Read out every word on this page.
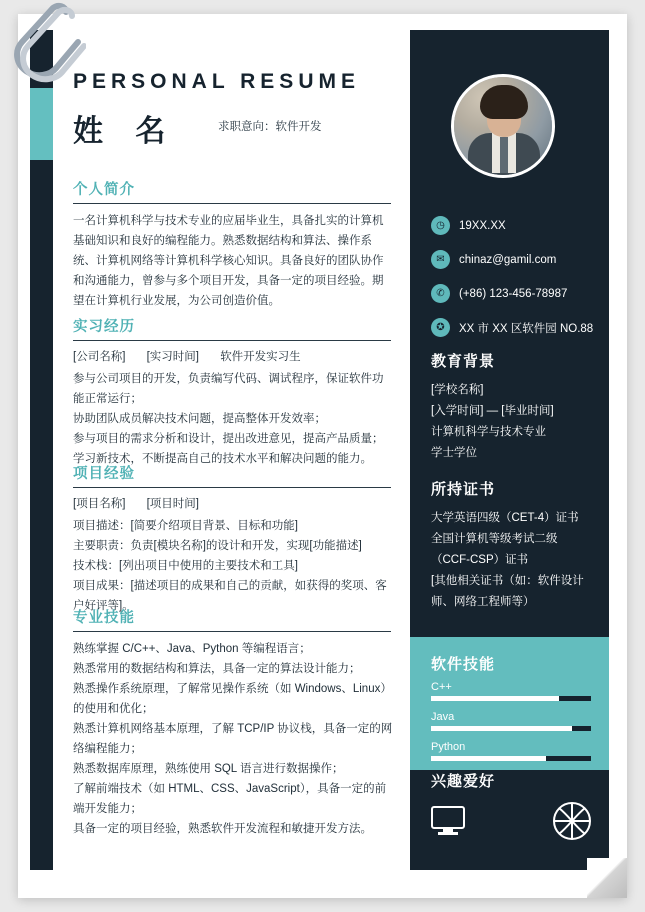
PERSONAL RESUME
姓 名	求职意向：软件开发
◷	19XX.XX
✉	chinaz@gamil.com
✆	(+86) 123-456-78987
✪	XX 市 XX 区软件园 NO.88
教育背景
[学校名称]
[入学时间] — [毕业时间]
计算机科学与技术专业
学士学位
所持证书
大学英语四级（CET-4）证书
全国计算机等级考试二级
（CCF-CSP）证书
[其他相关证书（如：软件设计
师、网络工程师等）
兴趣爱好
软件技能
C++
Java
Python
个人简介
一名计算机科学与技术专业的应届毕业生，具备扎实的计算机基础知识和良好的编程能力。熟悉数据结构和算法、操作系统、计算机网络等计算机科学核心知识。具备良好的团队协作和沟通能力，曾参与多个项目开发，具备一定的项目经验。期望在计算机行业发展，为公司创造价值。
实习经历
[公司名称] [实习时间] 软件开发实习生
参与公司项目的开发，负责编写代码、调试程序，保证软件功能正常运行；
协助团队成员解决技术问题，提高整体开发效率；
参与项目的需求分析和设计，提出改进意见，提高产品质量；
学习新技术，不断提高自己的技术水平和解决问题的能力。
项目经验
[项目名称] [项目时间]
项目描述：[简要介绍项目背景、目标和功能]
主要职责：负责[模块名称]的设计和开发，实现[功能描述]
技术栈：[列出项目中使用的主要技术和工具]
项目成果：[描述项目的成果和自己的贡献，如获得的奖项、客户好评等]。
专业技能
熟练掌握 C/C++、Java、Python 等编程语言；
熟悉常用的数据结构和算法，具备一定的算法设计能力；
熟悉操作系统原理，了解常见操作系统（如 Windows、Linux）的使用和优化；
熟悉计算机网络基本原理，了解 TCP/IP 协议栈，具备一定的网络编程能力；
熟悉数据库原理，熟练使用 SQL 语言进行数据操作；
了解前端技术（如 HTML、CSS、JavaScript），具备一定的前端开发能力；
具备一定的项目经验，熟悉软件开发流程和敏捷开发方法。
